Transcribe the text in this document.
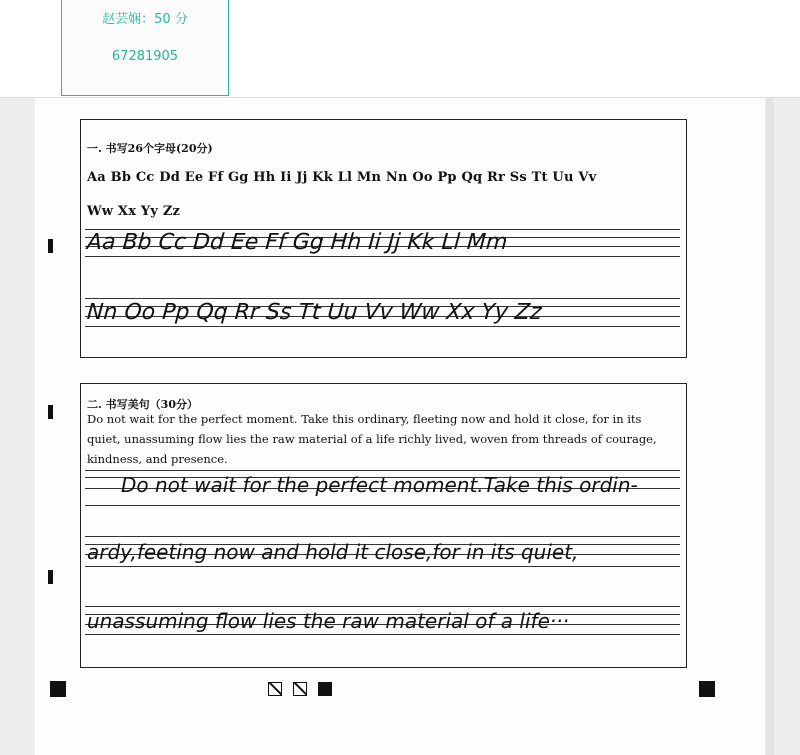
赵芸娴：50 分
67281905
一. 书写26个字母(20分)
Aa Bb Cc Dd Ee Ff Gg Hh Ii Jj Kk Ll Mn Nn Oo Pp Qq Rr Ss Tt Uu Vv
Ww Xx Yy Zz
Aa Bb Cc Dd Ee Ff Gg Hh Ii Jj Kk Ll Mm
Nn Oo Pp Qq Rr Ss Tt Uu Vv Ww Xx Yy Zz
二. 书写美句（30分）
Do not wait for the perfect moment. Take this ordinary, fleeting now and hold it close, for in its quiet, unassuming flow lies the raw material of a life richly lived, woven from threads of courage, kindness, and presence.
Do not wait for the perfect moment.Take this ordin-
ardy,feeting now and hold it close,for in its quiet,
unassuming flow lies the raw material of a life···
